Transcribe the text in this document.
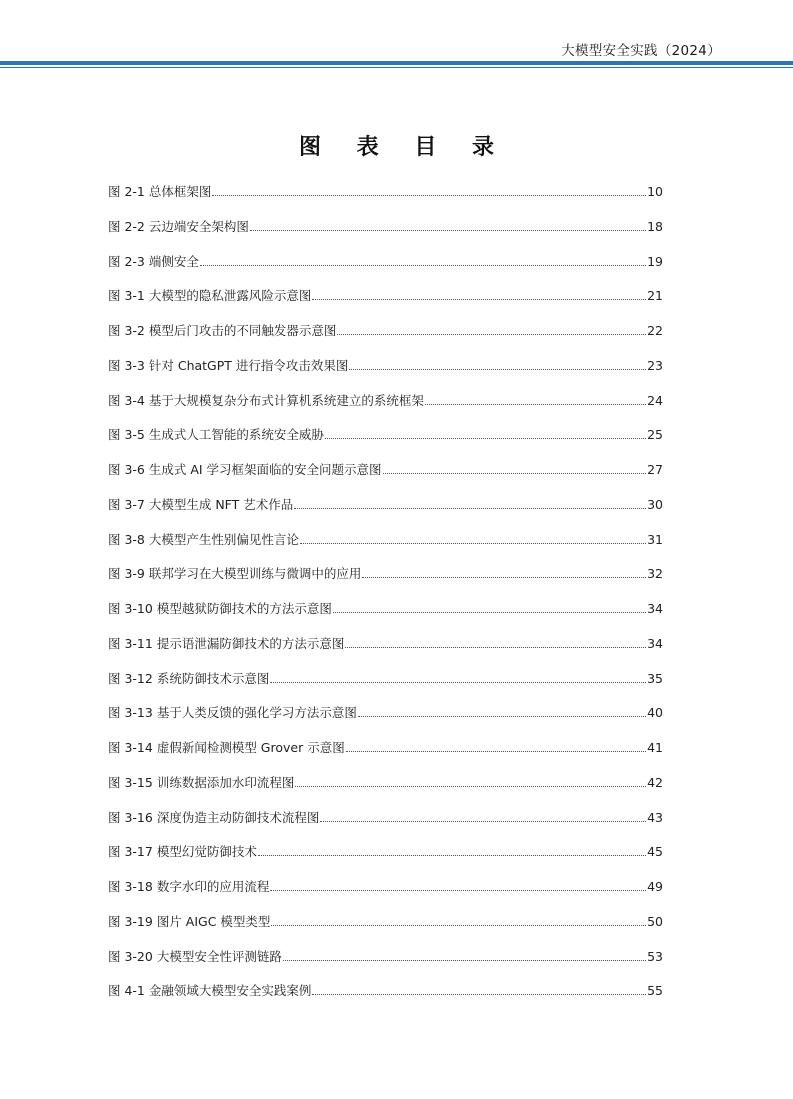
大模型安全实践（2024）
图 表 目 录
图 2-1 总体框架图	10
图 2-2 云边端安全架构图	18
图 2-3 端侧安全	19
图 3-1 大模型的隐私泄露风险示意图	21
图 3-2 模型后门攻击的不同触发器示意图	22
图 3-3 针对 ChatGPT 进行指令攻击效果图	23
图 3-4 基于大规模复杂分布式计算机系统建立的系统框架	24
图 3-5 生成式人工智能的系统安全威胁	25
图 3-6 生成式 AI 学习框架面临的安全问题示意图	27
图 3-7 大模型生成 NFT 艺术作品	30
图 3-8 大模型产生性别偏见性言论	31
图 3-9 联邦学习在大模型训练与微调中的应用	32
图 3-10 模型越狱防御技术的方法示意图	34
图 3-11 提示语泄漏防御技术的方法示意图	34
图 3-12 系统防御技术示意图	35
图 3-13 基于人类反馈的强化学习方法示意图	40
图 3-14 虚假新闻检测模型 Grover 示意图	41
图 3-15 训练数据添加水印流程图	42
图 3-16 深度伪造主动防御技术流程图	43
图 3-17 模型幻觉防御技术	45
图 3-18 数字水印的应用流程	49
图 3-19 图片 AIGC 模型类型	50
图 3-20 大模型安全性评测链路	53
图 4-1 金融领域大模型安全实践案例	55
